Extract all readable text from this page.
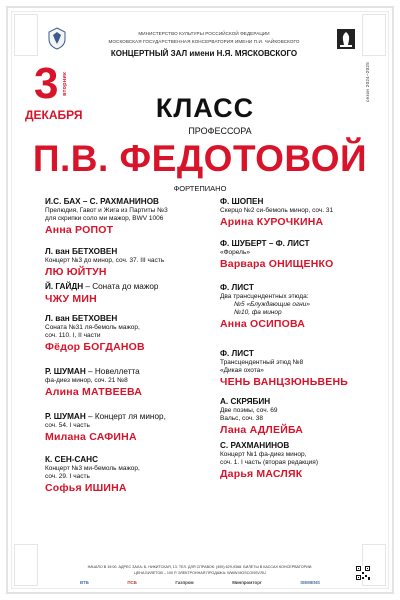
МИНИСТЕРСТВО КУЛЬТУРЫ РОССИЙСКОЙ ФЕДЕРАЦИИ
МОСКОВСКАЯ ГОСУДАРСТВЕННАЯ КОНСЕРВАТОРИЯ ИМЕНИ П.И. ЧАЙКОВСКОГО
КОНЦЕРТНЫЙ ЗАЛ имени Н.Я. МЯСКОВСКОГО
сезон 2024–2025
3 вторник
ДЕКАБРЯ	КЛАСС
ПРОФЕССОРА
П.В. ФЕДОТОВОЙ
ФОРТЕПИАНО
И.С. БАХ – С. РАХМАНИНОВ
Прелюдия, Гавот и Жига из Партиты №3
для скрипки соло ми мажор, BWV 1006
Анна РОПОТ
Л. ван БЕТХОВЕН
Концерт №3 до минор, соч. 37. III часть
ЛЮ ЮЙТУН
Й. ГАЙДН – Соната до мажор
ЧЖУ МИН
Л. ван БЕТХОВЕН
Соната №31 ля-бемоль мажор,
соч. 110. I, II части
Фёдор БОГДАНОВ
Р. ШУМАН – Новеллетта
фа-диез минор, соч. 21 №8
Алина МАТВЕЕВА
Р. ШУМАН – Концерт ля минор,
соч. 54. I часть
Милана САФИНА
К. СЕН-САНС
Концерт №3 ми-бемоль мажор,
соч. 29. I часть
Софья ИШИНА
Ф. ШОПЕН
Скерцо №2 си-бемоль минор, соч. 31
Арина КУРОЧКИНА
Ф. ШУБЕРТ – Ф. ЛИСТ
«Форель»
Варвара ОНИЩЕНКО
Ф. ЛИСТ
Два трансцендентных этюда:
№5 «Блуждающие огни»
№10, фа минор
Анна ОСИПОВА
Ф. ЛИСТ
Трансцендентный этюд №8
«Дикая охота»
ЧЕНЬ ВАНЦЗЮНЬВЕНЬ
А. СКРЯБИН
Две поэмы, соч. 69
Вальс, соч. 38
Лана АДЛЕЙБА
С. РАХМАНИНОВ
Концерт №1 фа-диез минор,
соч. 1. I часть (вторая редакция)
Дарья МАСЛЯК
НАЧАЛО В 19:00. АДРЕС ЗАЛА: Б. НИКИТСКАЯ, 13. ТЕЛ. ДЛЯ СПРАВОК: (495) 629-9368. БИЛЕТЫ В КАССАХ КОНСЕРВАТОРИИ.
ЦЕНА БИЛЕТОВ – 100 Р. ЭЛЕКТРОННАЯ ПРОДАЖА: WWW.MOSCONSV.RU
ВТБ	ПСБ	Газпром	Минпромторг	SIEMENS
